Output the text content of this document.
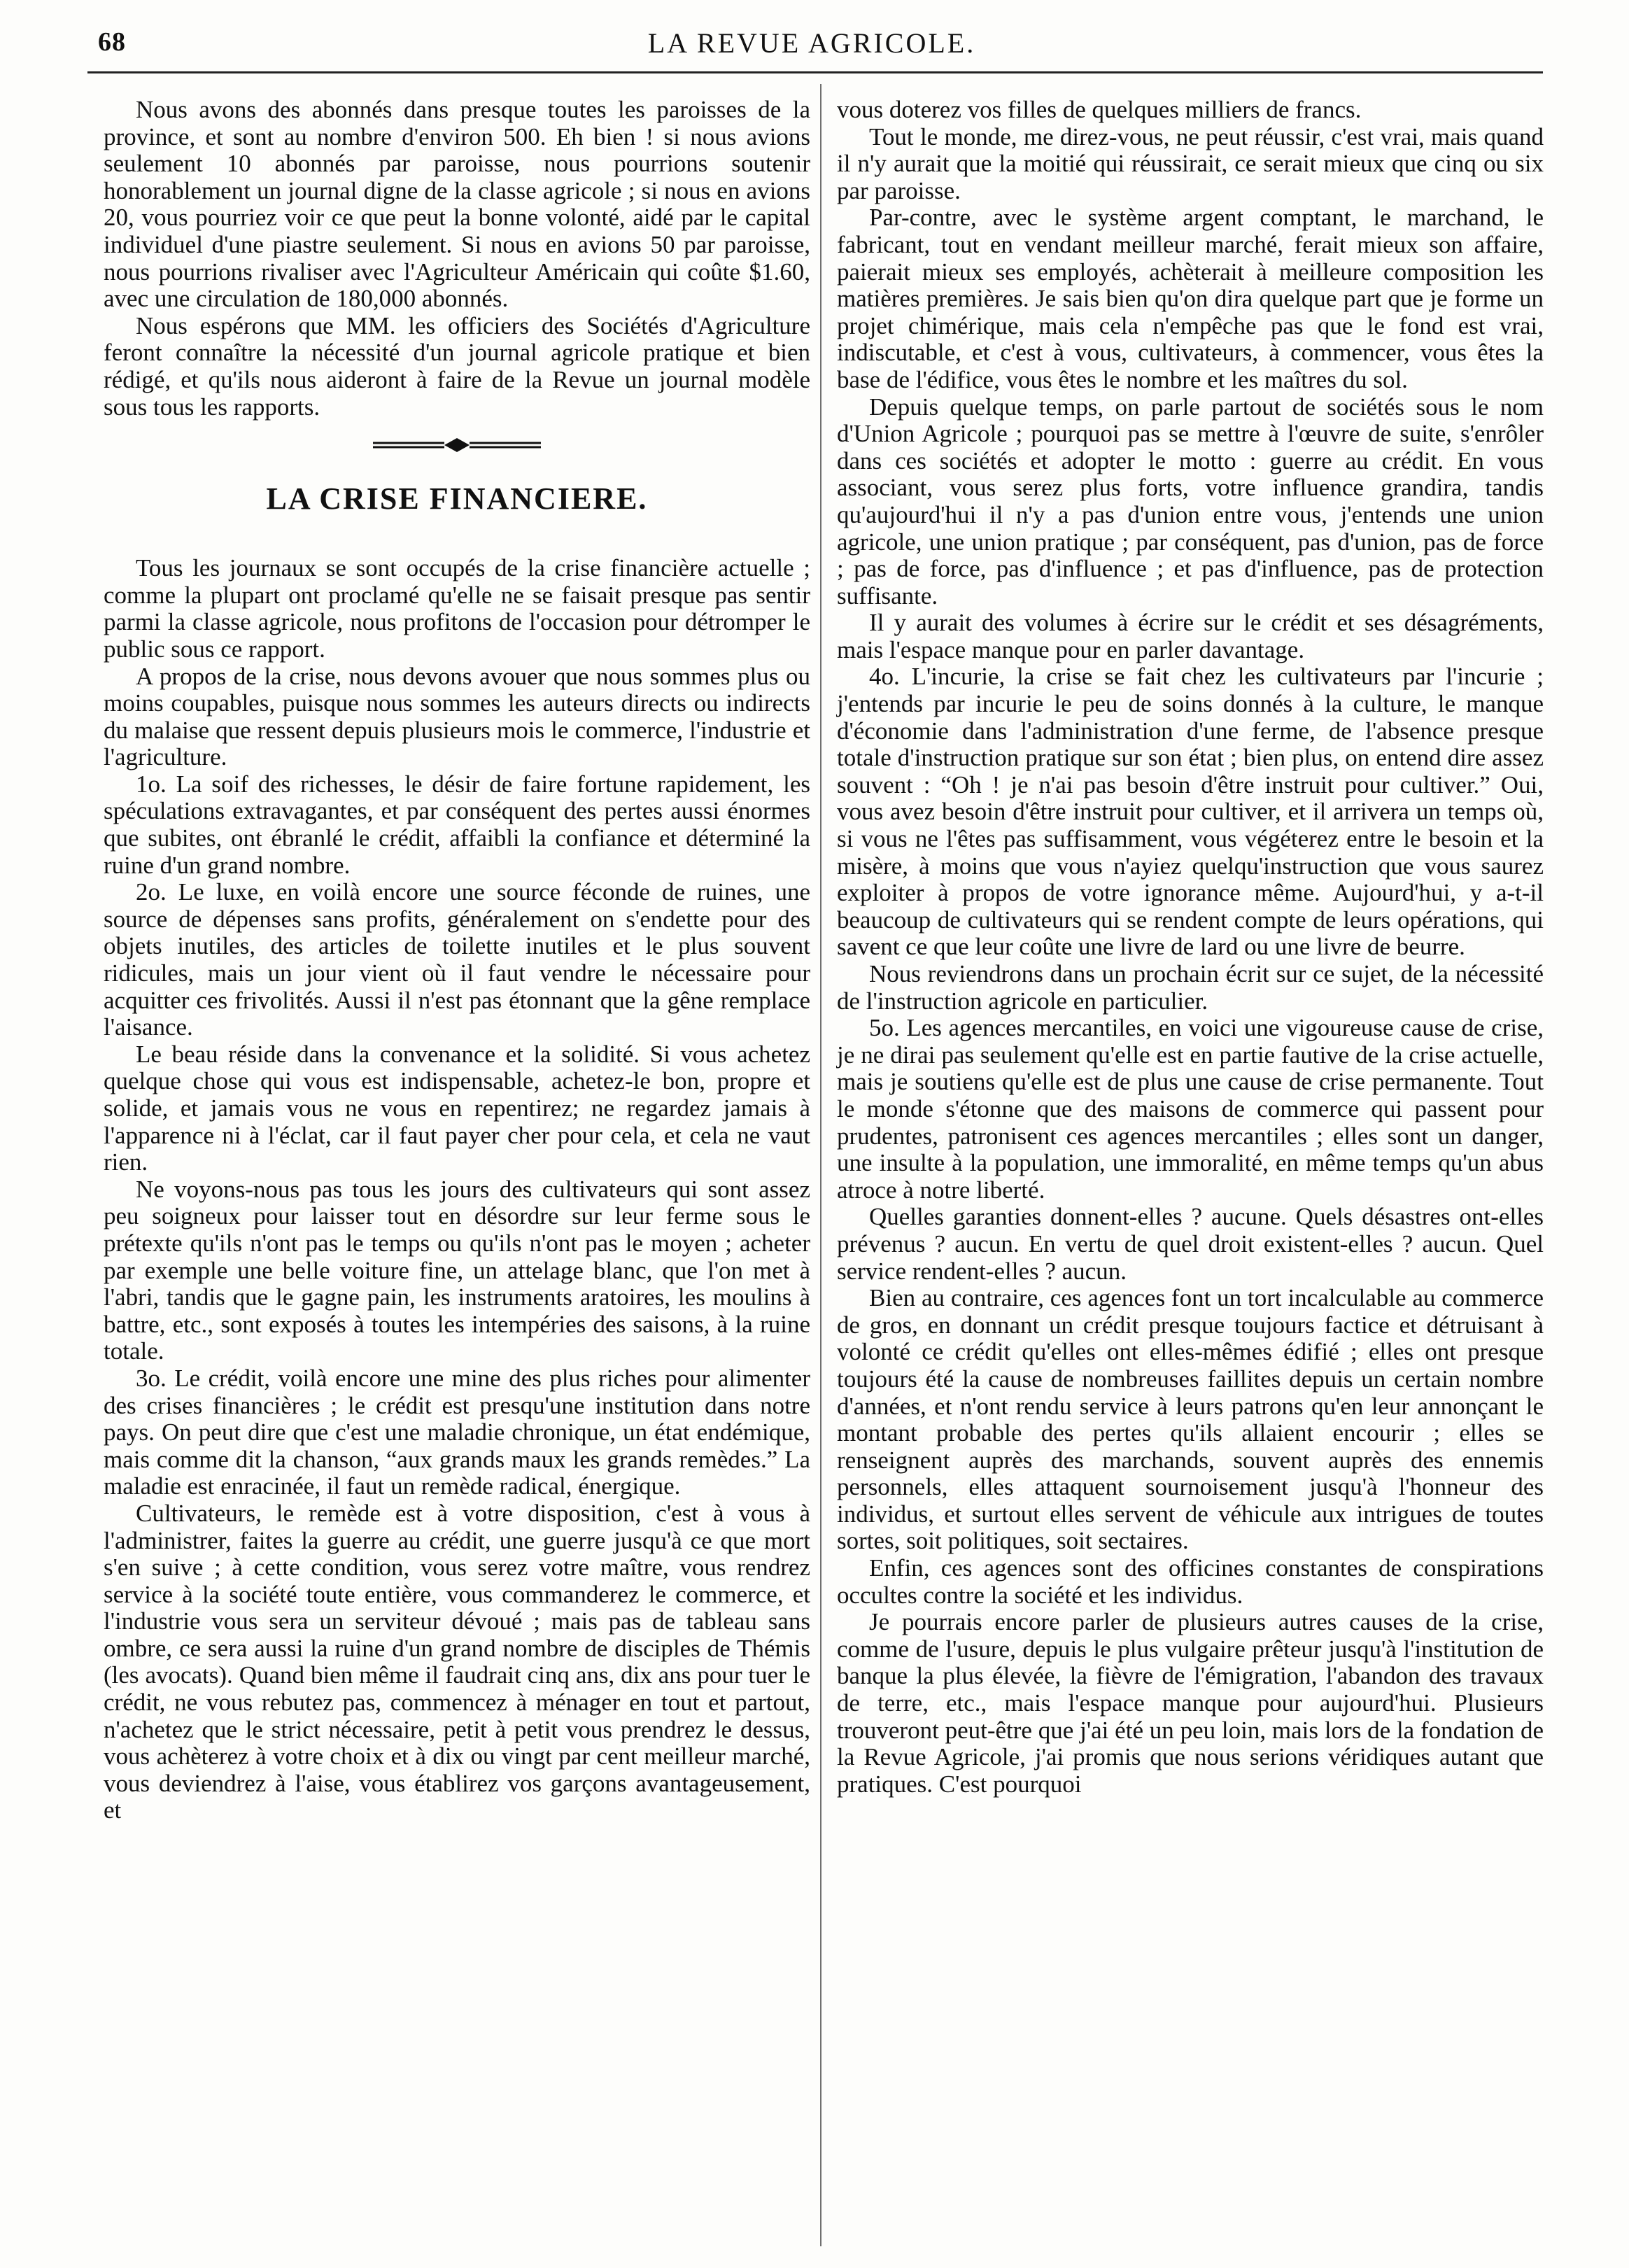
68	LA REVUE AGRICOLE.

Nous avons des abonnés dans presque toutes les paroisses de la province, et sont au nombre d'environ 500. Eh bien ! si nous avions seulement 10 abonnés par paroisse, nous pourrions soutenir honorablement un journal digne de la classe agricole ; si nous en avions 20, vous pourriez voir ce que peut la bonne volonté, aidé par le capital individuel d'une piastre seulement. Si nous en avions 50 par paroisse, nous pourrions rivaliser avec l'Agriculteur Américain qui coûte $1.60, avec une circulation de 180,000 abonnés.

Nous espérons que MM. les officiers des Sociétés d'Agriculture feront connaître la nécessité d'un journal agricole pratique et bien rédigé, et qu'ils nous aideront à faire de la Revue un journal modèle sous tous les rapports.

LA CRISE FINANCIERE.

Tous les journaux se sont occupés de la crise financière actuelle ; comme la plupart ont proclamé qu'elle ne se faisait presque pas sentir parmi la classe agricole, nous profitons de l'occasion pour détromper le public sous ce rapport.

A propos de la crise, nous devons avouer que nous sommes plus ou moins coupables, puisque nous sommes les auteurs directs ou indirects du malaise que ressent depuis plusieurs mois le commerce, l'industrie et l'agriculture.

1o. La soif des richesses, le désir de faire fortune rapidement, les spéculations extravagantes, et par conséquent des pertes aussi énormes que subites, ont ébranlé le crédit, affaibli la confiance et déterminé la ruine d'un grand nombre.

2o. Le luxe, en voilà encore une source féconde de ruines, une source de dépenses sans profits, généralement on s'endette pour des objets inutiles, des articles de toilette inutiles et le plus souvent ridicules, mais un jour vient où il faut vendre le nécessaire pour acquitter ces frivolités. Aussi il n'est pas étonnant que la gêne remplace l'aisance.

Le beau réside dans la convenance et la solidité. Si vous achetez quelque chose qui vous est indispensable, achetez-le bon, propre et solide, et jamais vous ne vous en repentirez; ne regardez jamais à l'apparence ni à l'éclat, car il faut payer cher pour cela, et cela ne vaut rien.

Ne voyons-nous pas tous les jours des cultivateurs qui sont assez peu soigneux pour laisser tout en désordre sur leur ferme sous le prétexte qu'ils n'ont pas le temps ou qu'ils n'ont pas le moyen ; acheter par exemple une belle voiture fine, un attelage blanc, que l'on met à l'abri, tandis que le gagne pain, les instruments aratoires, les moulins à battre, etc., sont exposés à toutes les intempéries des saisons, à la ruine totale.

3o. Le crédit, voilà encore une mine des plus riches pour alimenter des crises financières ; le crédit est presqu'une institution dans notre pays. On peut dire que c'est une maladie chronique, un état endémique, mais comme dit la chanson, “aux grands maux les grands remèdes.” La maladie est enracinée, il faut un remède radical, énergique.

Cultivateurs, le remède est à votre disposition, c'est à vous à l'administrer, faites la guerre au crédit, une guerre jusqu'à ce que mort s'en suive ; à cette condition, vous serez votre maître, vous rendrez service à la société toute entière, vous commanderez le commerce, et l'industrie vous sera un serviteur dévoué ; mais pas de tableau sans ombre, ce sera aussi la ruine d'un grand nombre de disciples de Thémis (les avocats). Quand bien même il faudrait cinq ans, dix ans pour tuer le crédit, ne vous rebutez pas, commencez à ménager en tout et partout, n'achetez que le strict nécessaire, petit à petit vous prendrez le dessus, vous achèterez à votre choix et à dix ou vingt par cent meilleur marché, vous deviendrez à l'aise, vous établirez vos garçons avantageusement, et

vous doterez vos filles de quelques milliers de francs.

Tout le monde, me direz-vous, ne peut réussir, c'est vrai, mais quand il n'y aurait que la moitié qui réussirait, ce serait mieux que cinq ou six par paroisse.

Par-contre, avec le système argent comptant, le marchand, le fabricant, tout en vendant meilleur marché, ferait mieux son affaire, paierait mieux ses employés, achèterait à meilleure composition les matières premières. Je sais bien qu'on dira quelque part que je forme un projet chimérique, mais cela n'empêche pas que le fond est vrai, indiscutable, et c'est à vous, cultivateurs, à commencer, vous êtes la base de l'édifice, vous êtes le nombre et les maîtres du sol.

Depuis quelque temps, on parle partout de sociétés sous le nom d'Union Agricole ; pourquoi pas se mettre à l'œuvre de suite, s'enrôler dans ces sociétés et adopter le motto : guerre au crédit. En vous associant, vous serez plus forts, votre influence grandira, tandis qu'aujourd'hui il n'y a pas d'union entre vous, j'entends une union agricole, une union pratique ; par conséquent, pas d'union, pas de force ; pas de force, pas d'influence ; et pas d'influence, pas de protection suffisante.

Il y aurait des volumes à écrire sur le crédit et ses désagréments, mais l'espace manque pour en parler davantage.

4o. L'incurie, la crise se fait chez les cultivateurs par l'incurie ; j'entends par incurie le peu de soins donnés à la culture, le manque d'économie dans l'administration d'une ferme, de l'absence presque totale d'instruction pratique sur son état ; bien plus, on entend dire assez souvent : “Oh ! je n'ai pas besoin d'être instruit pour cultiver.” Oui, vous avez besoin d'être instruit pour cultiver, et il arrivera un temps où, si vous ne l'êtes pas suffisamment, vous végéterez entre le besoin et la misère, à moins que vous n'ayiez quelqu'instruction que vous saurez exploiter à propos de votre ignorance même. Aujourd'hui, y a-t-il beaucoup de cultivateurs qui se rendent compte de leurs opérations, qui savent ce que leur coûte une livre de lard ou une livre de beurre.

Nous reviendrons dans un prochain écrit sur ce sujet, de la nécessité de l'instruction agricole en particulier.

5o. Les agences mercantiles, en voici une vigoureuse cause de crise, je ne dirai pas seulement qu'elle est en partie fautive de la crise actuelle, mais je soutiens qu'elle est de plus une cause de crise permanente. Tout le monde s'étonne que des maisons de commerce qui passent pour prudentes, patronisent ces agences mercantiles ; elles sont un danger, une insulte à la population, une immoralité, en même temps qu'un abus atroce à notre liberté.

Quelles garanties donnent-elles ? aucune. Quels désastres ont-elles prévenus ? aucun. En vertu de quel droit existent-elles ? aucun. Quel service rendent-elles ? aucun.

Bien au contraire, ces agences font un tort incalculable au commerce de gros, en donnant un crédit presque toujours factice et détruisant à volonté ce crédit qu'elles ont elles-mêmes édifié ; elles ont presque toujours été la cause de nombreuses faillites depuis un certain nombre d'années, et n'ont rendu service à leurs patrons qu'en leur annonçant le montant probable des pertes qu'ils allaient encourir ; elles se renseignent auprès des marchands, souvent auprès des ennemis personnels, elles attaquent sournoisement jusqu'à l'honneur des individus, et surtout elles servent de véhicule aux intrigues de toutes sortes, soit politiques, soit sectaires.

Enfin, ces agences sont des officines constantes de conspirations occultes contre la société et les individus.

Je pourrais encore parler de plusieurs autres causes de la crise, comme de l'usure, depuis le plus vulgaire prêteur jusqu'à l'institution de banque la plus élevée, la fièvre de l'émigration, l'abandon des travaux de terre, etc., mais l'espace manque pour aujourd'hui. Plusieurs trouveront peut-être que j'ai été un peu loin, mais lors de la fondation de la Revue Agricole, j'ai promis que nous serions véridiques autant que pratiques. C'est pourquoi
